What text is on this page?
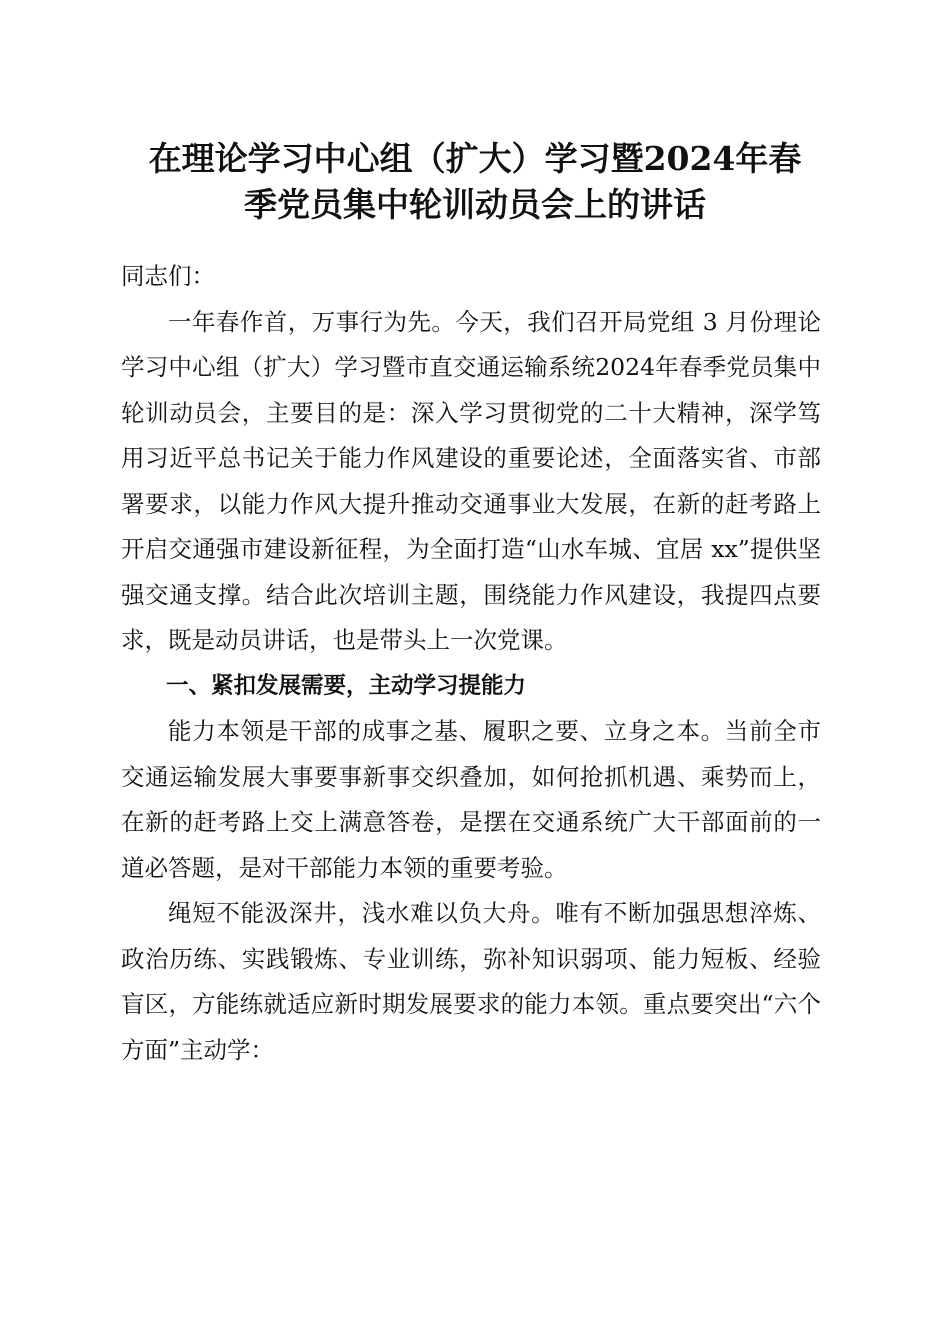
在理论学习中心组（扩大）学习暨2024年春
季党员集中轮训动员会上的讲话

同志们：

一年春作首，万事行为先。今天，我们召开局党组 3 月份理论学习中心组（扩大）学习暨市直交通运输系统2024年春季党员集中轮训动员会，主要目的是：深入学习贯彻党的二十大精神，深学笃用习近平总书记关于能力作风建设的重要论述，全面落实省、市部署要求，以能力作风大提升推动交通事业大发展，在新的赶考路上开启交通强市建设新征程，为全面打造“山水车城、宜居 xx”提供坚强交通支撑。结合此次培训主题，围绕能力作风建设，我提四点要求，既是动员讲话，也是带头上一次党课。

一、紧扣发展需要，主动学习提能力

能力本领是干部的成事之基、履职之要、立身之本。当前全市交通运输发展大事要事新事交织叠加，如何抢抓机遇、乘势而上，在新的赶考路上交上满意答卷，是摆在交通系统广大干部面前的一道必答题，是对干部能力本领的重要考验。

绳短不能汲深井，浅水难以负大舟。唯有不断加强思想淬炼、政治历练、实践锻炼、专业训练，弥补知识弱项、能力短板、经验盲区，方能练就适应新时期发展要求的能力本领。重点要突出“六个方面”主动学：
